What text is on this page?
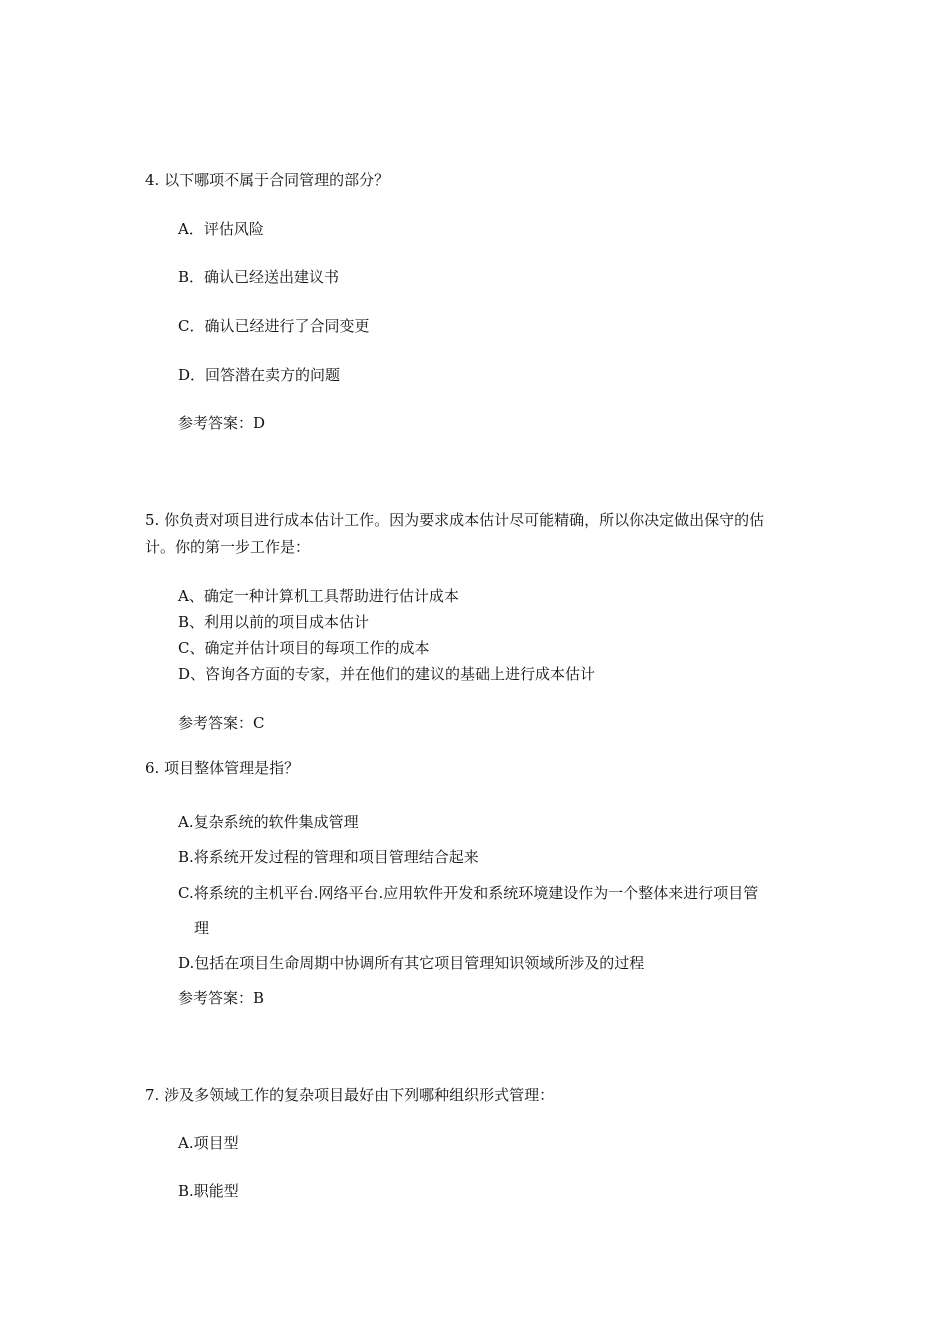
4. 以下哪项不属于合同管理的部分？

A．评估风险

B．确认已经送出建议书

C．确认已经进行了合同变更

D．回答潜在卖方的问题

参考答案：D

5. 你负责对项目进行成本估计工作。因为要求成本估计尽可能精确，所以你决定做出保守的估

计。你的第一步工作是：

A、确定一种计算机工具帮助进行估计成本

B、利用以前的项目成本估计

C、确定并估计项目的每项工作的成本

D、咨询各方面的专家，并在他们的建议的基础上进行成本估计

参考答案：C

6. 项目整体管理是指？

A.复杂系统的软件集成管理

B.将系统开发过程的管理和项目管理结合起来

C.将系统的主机平台.网络平台.应用软件开发和系统环境建设作为一个整体来进行项目管

理

D.包括在项目生命周期中协调所有其它项目管理知识领域所涉及的过程

参考答案：B

7. 涉及多领域工作的复杂项目最好由下列哪种组织形式管理：

A.项目型

B.职能型
